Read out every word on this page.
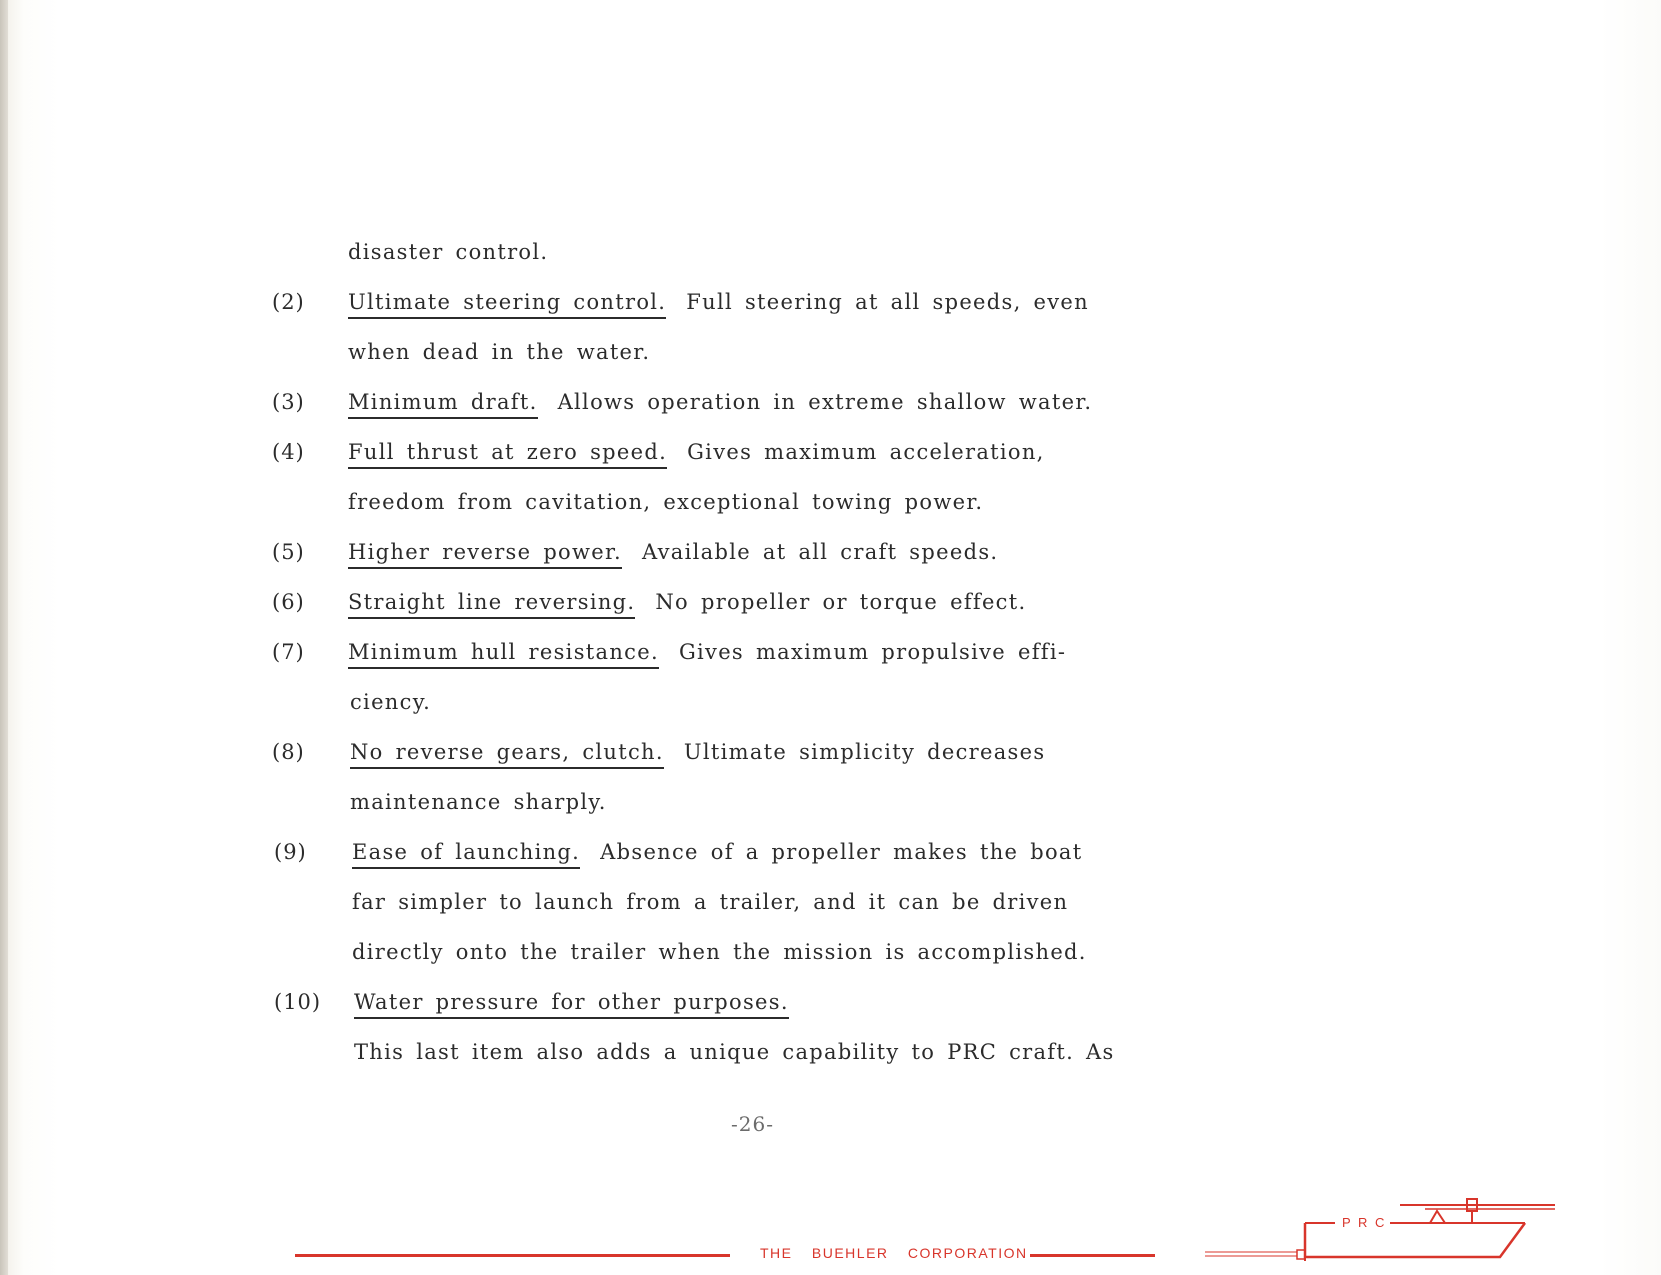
disaster control.
(2) Ultimate steering control. Full steering at all speeds, even
when dead in the water.
(3) Minimum draft. Allows operation in extreme shallow water.
(4) Full thrust at zero speed. Gives maximum acceleration,
freedom from cavitation, exceptional towing power.
(5) Higher reverse power. Available at all craft speeds.
(6) Straight line reversing. No propeller or torque effect.
(7) Minimum hull resistance. Gives maximum propulsive effi-
ciency.
(8) No reverse gears, clutch. Ultimate simplicity decreases
maintenance sharply.
(9) Ease of launching. Absence of a propeller makes the boat
far simpler to launch from a trailer, and it can be driven
directly onto the trailer when the mission is accomplished.
(10) Water pressure for other purposes.
This last item also adds a unique capability to PRC craft. As
-26-
THE BUEHLER CORPORATION
P R C
